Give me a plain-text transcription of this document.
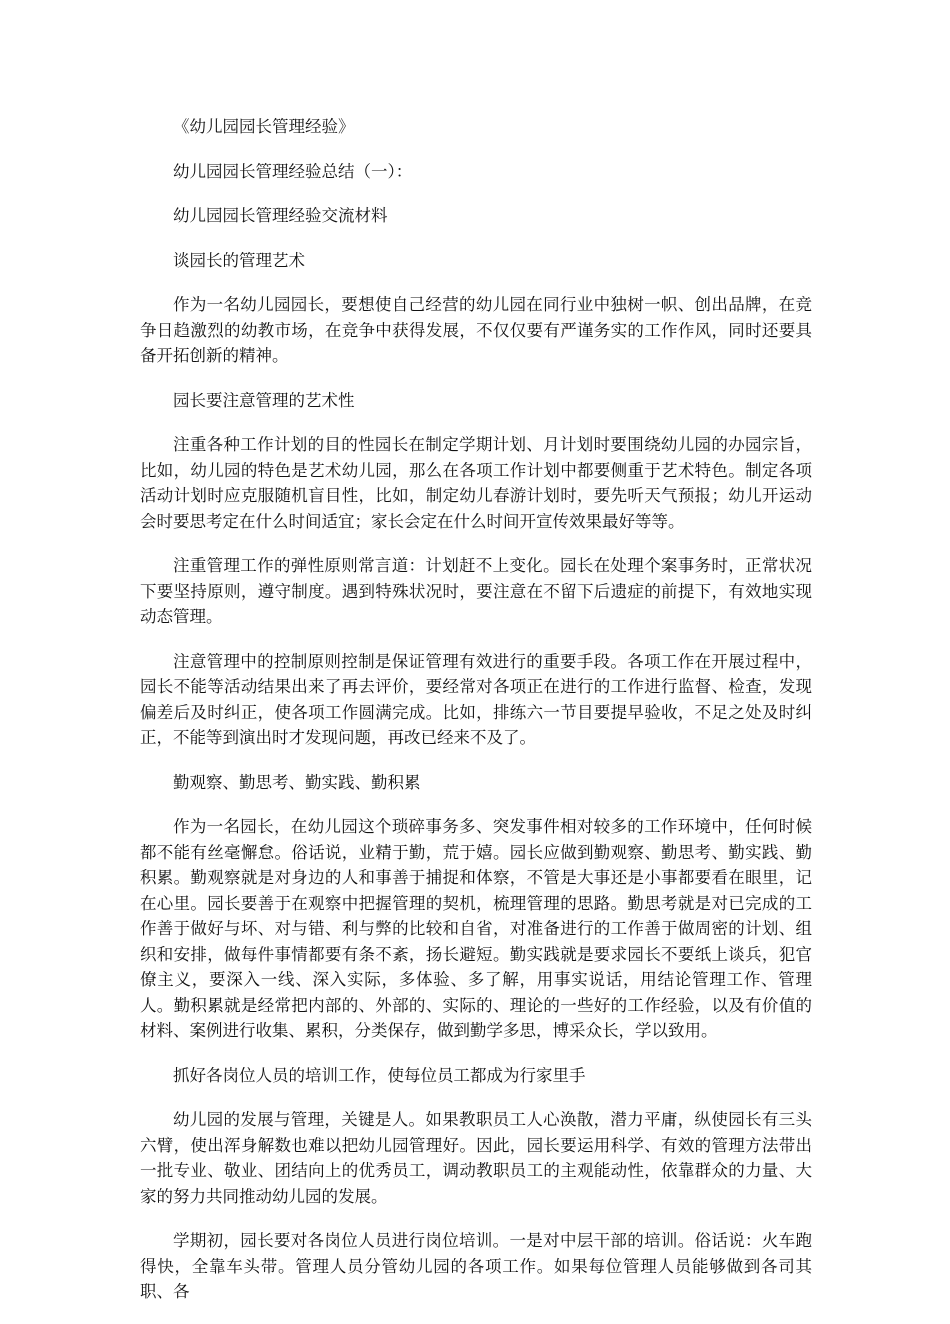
《幼儿园园长管理经验》

幼儿园园长管理经验总结（一）：

幼儿园园长管理经验交流材料

谈园长的管理艺术

作为一名幼儿园园长，要想使自己经营的幼儿园在同行业中独树一帜、创出品牌，在竞争日趋激烈的幼教市场，在竞争中获得发展，不仅仅要有严谨务实的工作作风，同时还要具备开拓创新的精神。

园长要注意管理的艺术性

注重各种工作计划的目的性园长在制定学期计划、月计划时要围绕幼儿园的办园宗旨，比如，幼儿园的特色是艺术幼儿园，那么在各项工作计划中都要侧重于艺术特色。制定各项活动计划时应克服随机盲目性，比如，制定幼儿春游计划时，要先听天气预报；幼儿开运动会时要思考定在什么时间适宜；家长会定在什么时间开宣传效果最好等等。

注重管理工作的弹性原则常言道：计划赶不上变化。园长在处理个案事务时，正常状况下要坚持原则，遵守制度。遇到特殊状况时，要注意在不留下后遗症的前提下，有效地实现动态管理。

注意管理中的控制原则控制是保证管理有效进行的重要手段。各项工作在开展过程中，园长不能等活动结果出来了再去评价，要经常对各项正在进行的工作进行监督、检查，发现偏差后及时纠正，使各项工作圆满完成。比如，排练六一节目要提早验收，不足之处及时纠正，不能等到演出时才发现问题，再改已经来不及了。

勤观察、勤思考、勤实践、勤积累

作为一名园长，在幼儿园这个琐碎事务多、突发事件相对较多的工作环境中，任何时候都不能有丝毫懈怠。俗话说，业精于勤，荒于嬉。园长应做到勤观察、勤思考、勤实践、勤积累。勤观察就是对身边的人和事善于捕捉和体察，不管是大事还是小事都要看在眼里，记在心里。园长要善于在观察中把握管理的契机，梳理管理的思路。勤思考就是对已完成的工作善于做好与坏、对与错、利与弊的比较和自省，对准备进行的工作善于做周密的计划、组织和安排，做每件事情都要有条不紊，扬长避短。勤实践就是要求园长不要纸上谈兵，犯官僚主义，要深入一线、深入实际，多体验、多了解，用事实说话，用结论管理工作、管理人。勤积累就是经常把内部的、外部的、实际的、理论的一些好的工作经验，以及有价值的材料、案例进行收集、累积，分类保存，做到勤学多思，博采众长，学以致用。

抓好各岗位人员的培训工作，使每位员工都成为行家里手

幼儿园的发展与管理，关键是人。如果教职员工人心涣散，潜力平庸，纵使园长有三头六臂，使出浑身解数也难以把幼儿园管理好。因此，园长要运用科学、有效的管理方法带出一批专业、敬业、团结向上的优秀员工，调动教职员工的主观能动性，依靠群众的力量、大家的努力共同推动幼儿园的发展。

学期初，园长要对各岗位人员进行岗位培训。一是对中层干部的培训。俗话说：火车跑得快，全靠车头带。管理人员分管幼儿园的各项工作。如果每位管理人员能够做到各司其职、各
